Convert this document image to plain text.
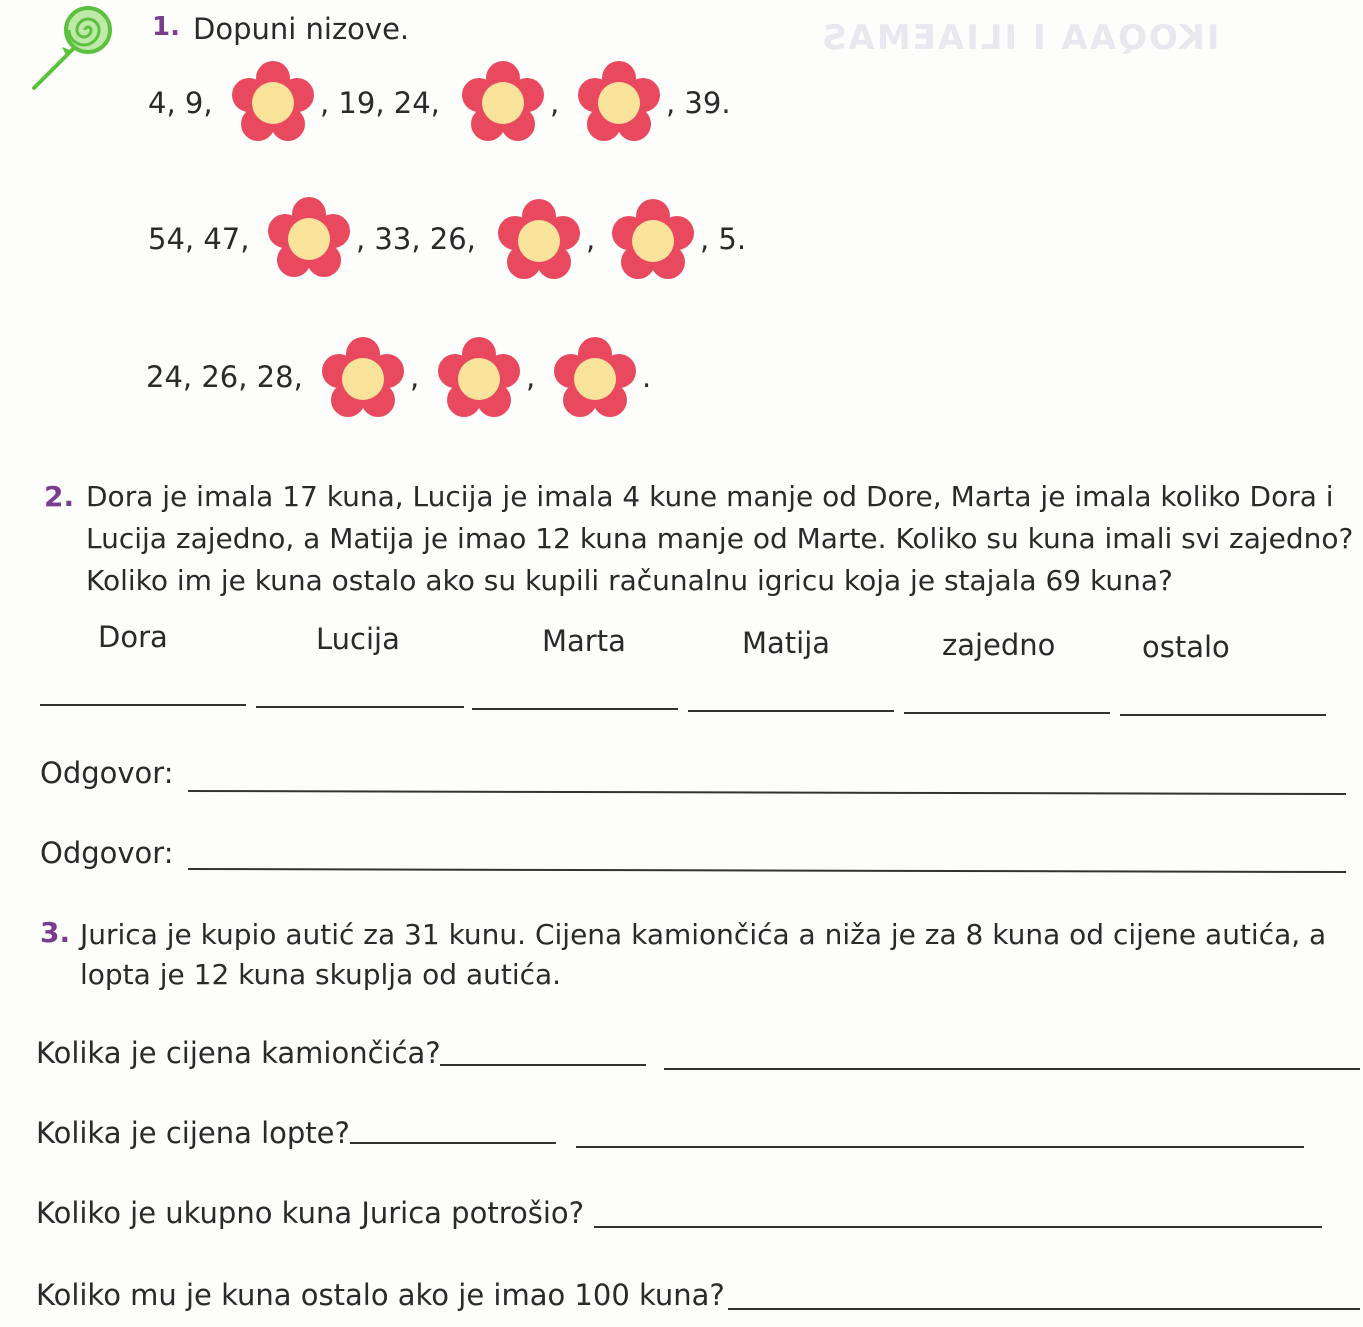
IKOQAA I ILIAEMAS
1. Dopuni nizove.
4, 9,	, 19, 24,	,	, 39.
54, 47,	, 33, 26,	,	, 5.
24, 26, 28,	,	,	.
2. Dora je imala 17 kuna, Lucija je imala 4 kune manje od Dore, Marta je imala koliko Dora i
Lucija zajedno, a Matija je imao 12 kuna manje od Marte. Koliko su kuna imali svi zajedno?
Koliko im je kuna ostalo ako su kupili računalnu igricu koja je stajala 69 kuna?
Dora	Lucija	Marta	Matija	zajedno	ostalo
Odgovor:
Odgovor:
3. Jurica je kupio autić za 31 kunu. Cijena kamiončića a niža je za 8 kuna od cijene autića, a
lopta je 12 kuna skuplja od autića.
Kolika je cijena kamiončića?
Kolika je cijena lopte?
Koliko je ukupno kuna Jurica potrošio?
Koliko mu je kuna ostalo ako je imao 100 kuna?
